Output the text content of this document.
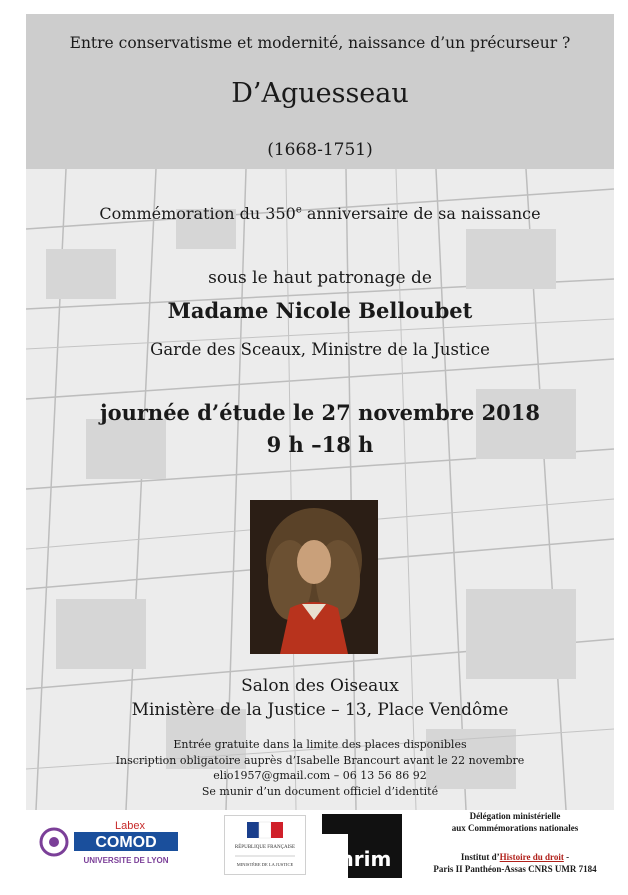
Entre conservatisme et modernité, naissance d’un précurseur ?
D’Aguesseau
(1668-1751)
Commémoration du 350e anniversaire de sa naissance
sous le haut patronage de
Madame Nicole Belloubet
Garde des Sceaux, Ministre de la Justice
journée d’étude le 27 novembre 2018
9 h –18 h
Salon des Oiseaux
Ministère de la Justice – 13, Place Vendôme
Entrée gratuite dans la limite des places disponibles
Inscription obligatoire auprès d’Isabelle Brancourt avant le 22 novembre
elio1957@gmail.com – 06 13 56 86 92
Se munir d’un document officiel d’identité
Labex
COMOD
UNIVERSITE DE LYON
RÉPUBLIQUE FRANÇAISE
MINISTÈRE DE LA JUSTICE ihrim
Délégation ministérielle
aux Commémorations nationales
Institut d’Histoire du droit -
Paris II Panthéon-Assas CNRS UMR 7184
